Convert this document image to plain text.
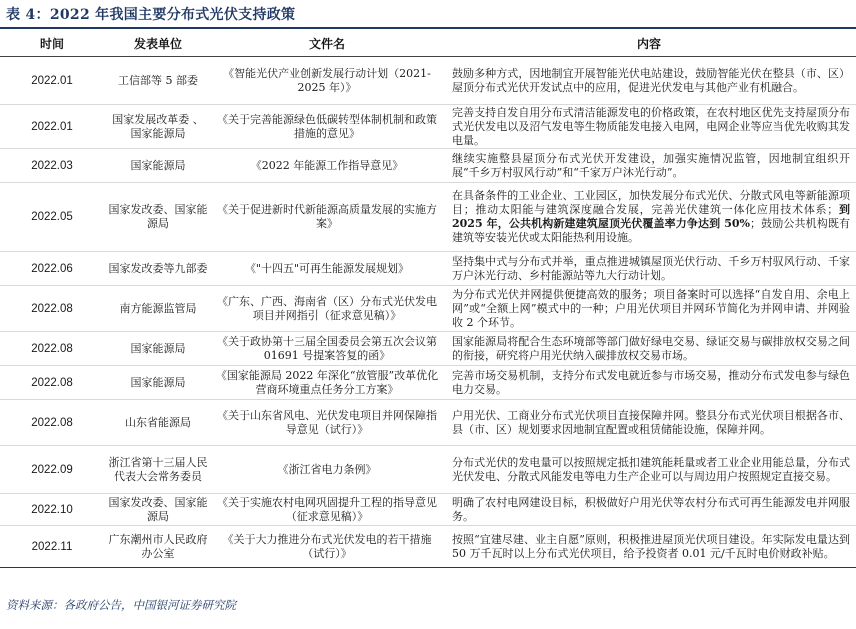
表 4：2022 年我国主要分布式光伏支持政策
时间	发表单位	文件名	内容
2022.01	工信部等 5 部委	《智能光伏产业创新发展行动计划（2021-2025 年）》	鼓励多种方式，因地制宜开展智能光伏电站建设，鼓励智能光伏在整县（市、区）屋顶分布式光伏开发试点中的应用，促进光伏发电与其他产业有机融合。
2022.01	国家发展改革委 、国家能源局	《关于完善能源绿色低碳转型体制机制和政策措施的意见》	完善支持自发自用分布式清洁能源发电的价格政策，在农村地区优先支持屋顶分布式光伏发电以及沼气发电等生物质能发电接入电网，电网企业等应当优先收购其发电量。
2022.03	国家能源局	《2022 年能源工作指导意见》	继续实施整县屋顶分布式光伏开发建设，加强实施情况监管，因地制宜组织开展“千乡万村驭风行动”和“千家万户沐光行动”。
2022.05	国家发改委、国家能源局	《关于促进新时代新能源高质量发展的实施方案》	在具备条件的工业企业、工业园区，加快发展分布式光伏、分散式风电等新能源项目；推动太阳能与建筑深度融合发展，完善光伏建筑一体化应用技术体系；到 2025 年，公共机构新建建筑屋顶光伏覆盖率力争达到 50%；鼓励公共机构既有建筑等安装光伏或太阳能热利用设施。
2022.06	国家发改委等九部委	《"十四五"可再生能源发展规划》	坚持集中式与分布式并举，重点推进城镇屋顶光伏行动、千乡万村驭风行动、千家万户沐光行动、乡村能源站等九大行动计划。
2022.08	南方能源监管局	《广东、广西、海南省（区）分布式光伏发电项目并网指引（征求意见稿）》	为分布式光伏并网提供便捷高效的服务；项目备案时可以选择“自发自用、余电上网”或“全额上网”模式中的一种；户用光伏项目并网环节简化为并网申请、并网验收 2 个环节。
2022.08	国家能源局	《关于政协第十三届全国委员会第五次会议第 01691 号提案答复的函》	国家能源局将配合生态环境部等部门做好绿电交易、绿证交易与碳排放权交易之间的衔接，研究将户用光伏纳入碳排放权交易市场。
2022.08	国家能源局	《国家能源局 2022 年深化“放管服”改革优化营商环境重点任务分工方案》	完善市场交易机制，支持分布式发电就近参与市场交易，推动分布式发电参与绿色电力交易。
2022.08	山东省能源局	《关于山东省风电、光伏发电项目并网保障指导意见（试行）》	户用光伏、工商业分布式光伏项目直接保障并网。整县分布式光伏项目根据各市、县（市、区）规划要求因地制宜配置或租赁储能设施，保障并网。
2022.09	浙江省第十三届人民代表大会常务委员	《浙江省电力条例》	分布式光伏的发电量可以按照规定抵扣建筑能耗量或者工业企业用能总量，分布式光伏发电、分散式风能发电等电力生产企业可以与周边用户按照规定直接交易。
2022.10	国家发改委、国家能源局	《关于实施农村电网巩固提升工程的指导意见（征求意见稿）》	明确了农村电网建设目标，积极做好户用光伏等农村分布式可再生能源发电并网服务。
2022.11	广东潮州市人民政府办公室	《关于大力推进分布式光伏发电的若干措施（试行）》	按照“宜建尽建、业主自愿”原则，积极推进屋顶光伏项目建设。年实际发电量达到 50 万千瓦时以上分布式光伏项目，给予投资者 0.01 元/千瓦时电价财政补贴。
资料来源：各政府公告，中国银河证券研究院
